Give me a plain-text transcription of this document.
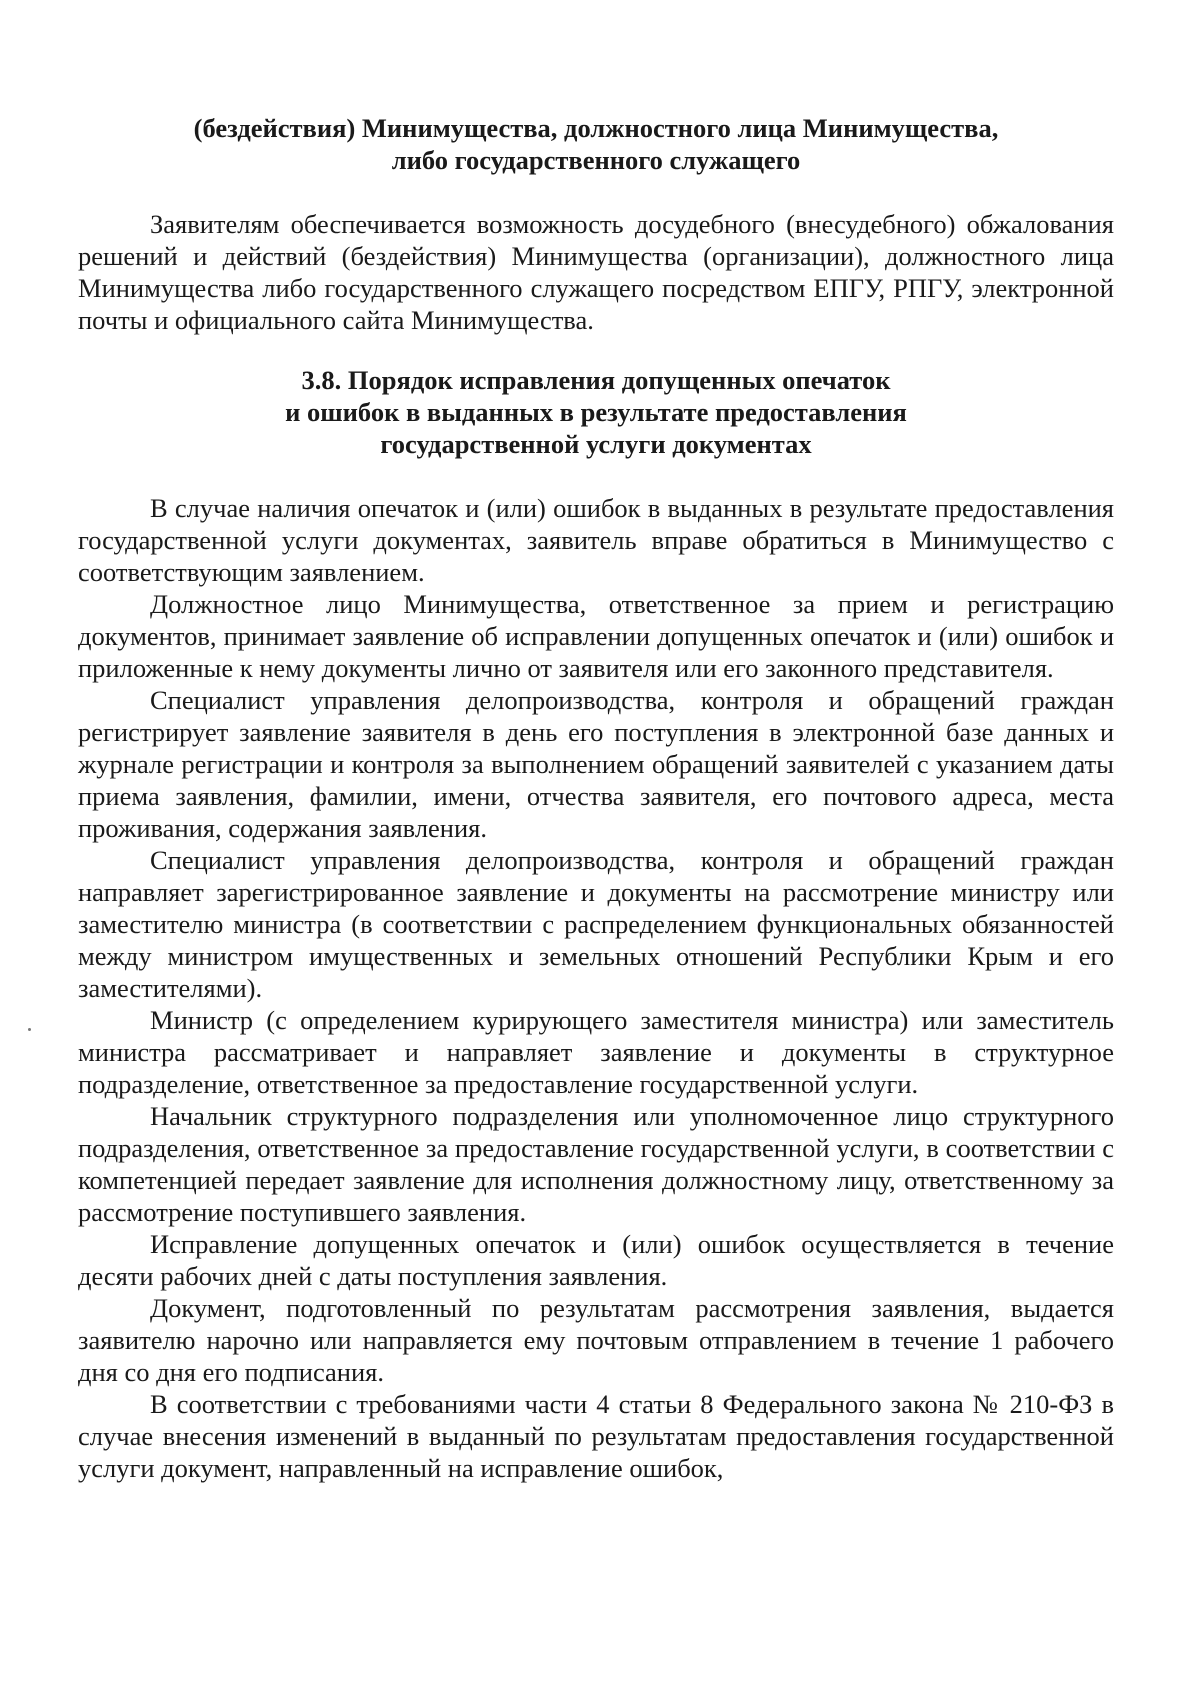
(бездействия) Минимущества, должностного лица Минимущества,
либо государственного служащего

Заявителям обеспечивается возможность досудебного (внесудебного) обжалования решений и действий (бездействия) Минимущества (организации), должностного лица Минимущества либо государственного служащего посредством ЕПГУ, РПГУ, электронной почты и официального сайта Минимущества.

3.8. Порядок исправления допущенных опечаток
и ошибок в выданных в результате предоставления
государственной услуги документах

В случае наличия опечаток и (или) ошибок в выданных в результате предоставления государственной услуги документах, заявитель вправе обратиться в Минимущество с соответствующим заявлением.

Должностное лицо Минимущества, ответственное за прием и регистрацию документов, принимает заявление об исправлении допущенных опечаток и (или) ошибок и приложенные к нему документы лично от заявителя или его законного представителя.

Специалист управления делопроизводства, контроля и обращений граждан регистрирует заявление заявителя в день его поступления в электронной базе данных и журнале регистрации и контроля за выполнением обращений заявителей с указанием даты приема заявления, фамилии, имени, отчества заявителя, его почтового адреса, места проживания, содержания заявления.

Специалист управления делопроизводства, контроля и обращений граждан направляет зарегистрированное заявление и документы на рассмотрение министру или заместителю министра (в соответствии с распределением функциональных обязанностей между министром имущественных и земельных отношений Республики Крым и его заместителями).

Министр (с определением курирующего заместителя министра) или заместитель министра рассматривает и направляет заявление и документы в структурное подразделение, ответственное за предоставление государственной услуги.

Начальник структурного подразделения или уполномоченное лицо структурного подразделения, ответственное за предоставление государственной услуги, в соответствии с компетенцией передает заявление для исполнения должностному лицу, ответственному за рассмотрение поступившего заявления.

Исправление допущенных опечаток и (или) ошибок осуществляется в течение десяти рабочих дней с даты поступления заявления.

Документ, подготовленный по результатам рассмотрения заявления, выдается заявителю нарочно или направляется ему почтовым отправлением в течение 1 рабочего дня со дня его подписания.

В соответствии с требованиями части 4 статьи 8 Федерального закона № 210-ФЗ в случае внесения изменений в выданный по результатам предоставления государственной услуги документ, направленный на исправление ошибок,
